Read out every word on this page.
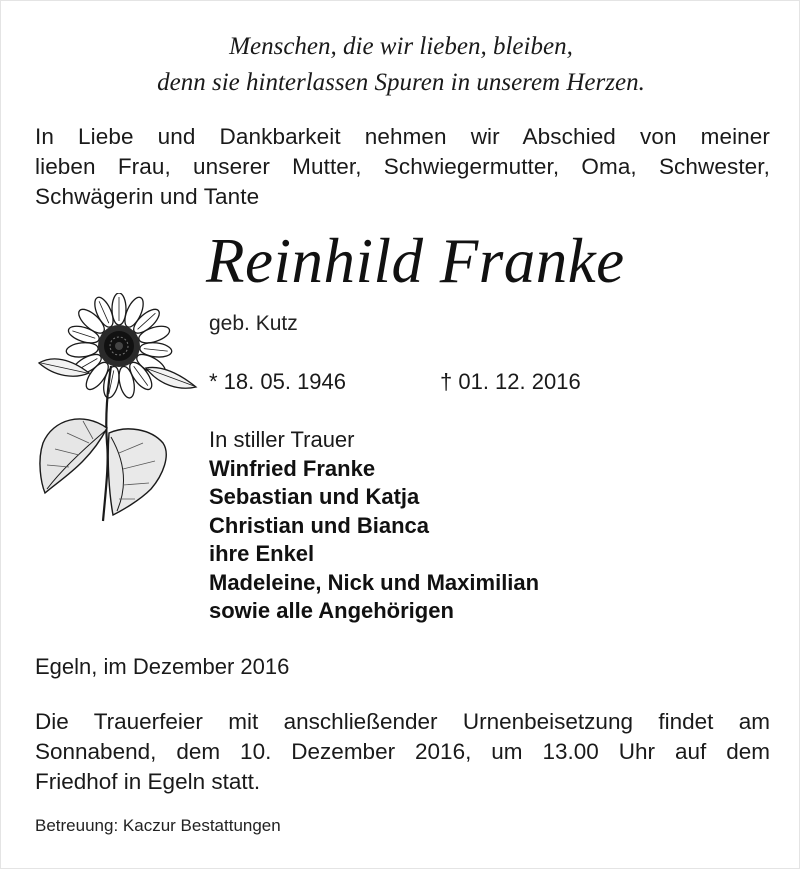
Menschen, die wir lieben, bleiben,
denn sie hinterlassen Spuren in unserem Herzen.
In Liebe und Dankbarkeit nehmen wir Abschied von meiner
lieben Frau, unserer Mutter, Schwiegermutter, Oma, Schwester,
Schwägerin und Tante
Reinhild Franke
geb. Kutz
* 18. 05. 1946	† 01. 12. 2016
In stiller Trauer
Winfried Franke
Sebastian und Katja
Christian und Bianca
ihre Enkel
Madeleine, Nick und Maximilian
sowie alle Angehörigen
Egeln, im Dezember 2016
Die Trauerfeier mit anschließender Urnenbeisetzung findet am
Sonnabend, dem 10. Dezember 2016, um 13.00 Uhr auf dem
Friedhof in Egeln statt.
Betreuung: Kaczur Bestattungen
